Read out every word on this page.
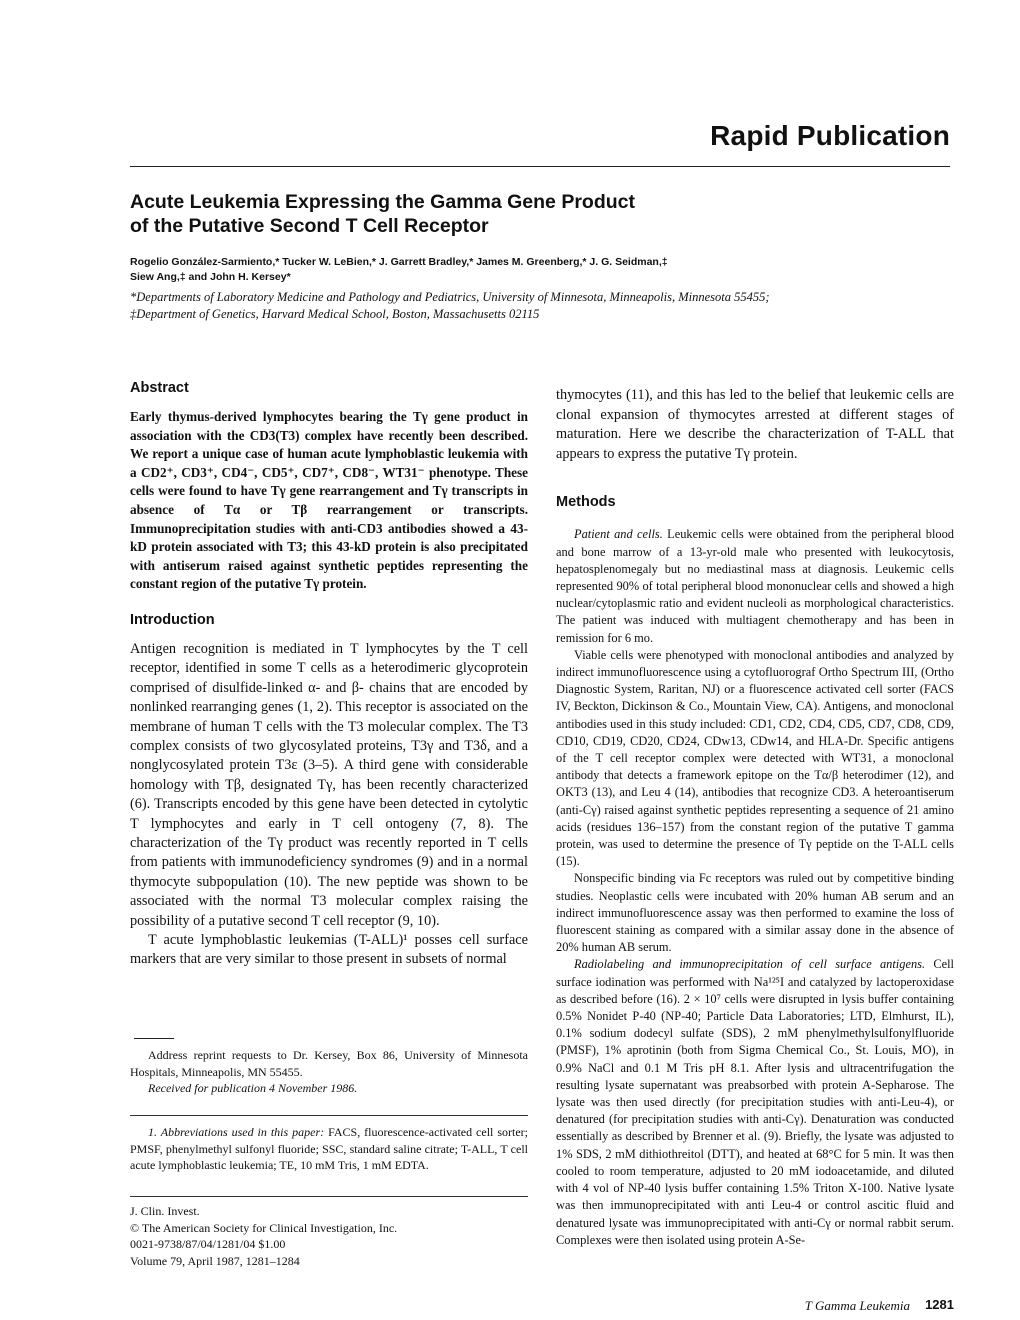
Rapid Publication
Acute Leukemia Expressing the Gamma Gene Product
of the Putative Second T Cell Receptor
Rogelio González-Sarmiento,* Tucker W. LeBien,* J. Garrett Bradley,* James M. Greenberg,* J. G. Seidman,‡
Siew Ang,‡ and John H. Kersey*
*Departments of Laboratory Medicine and Pathology and Pediatrics, University of Minnesota, Minneapolis, Minnesota 55455;
‡Department of Genetics, Harvard Medical School, Boston, Massachusetts 02115
Abstract

Early thymus-derived lymphocytes bearing the Tγ gene product in association with the CD3(T3) complex have recently been described. We report a unique case of human acute lymphoblastic leukemia with a CD2⁺, CD3⁺, CD4⁻, CD5⁺, CD7⁺, CD8⁻, WT31⁻ phenotype. These cells were found to have Tγ gene rearrangement and Tγ transcripts in absence of Tα or Tβ rearrangement or transcripts. Immunoprecipitation studies with anti-CD3 antibodies showed a 43-kD protein associated with T3; this 43-kD protein is also precipitated with antiserum raised against synthetic peptides representing the constant region of the putative Tγ protein.

Introduction

Antigen recognition is mediated in T lymphocytes by the T cell receptor, identified in some T cells as a heterodimeric glycoprotein comprised of disulfide-linked α- and β- chains that are encoded by nonlinked rearranging genes (1, 2). This receptor is associated on the membrane of human T cells with the T3 molecular complex. The T3 complex consists of two glycosylated proteins, T3γ and T3δ, and a nonglycosylated protein T3ε (3–5). A third gene with considerable homology with Tβ, designated Tγ, has been recently characterized (6). Transcripts encoded by this gene have been detected in cytolytic T lymphocytes and early in T cell ontogeny (7, 8). The characterization of the Tγ product was recently reported in T cells from patients with immunodeficiency syndromes (9) and in a normal thymocyte subpopulation (10). The new peptide was shown to be associated with the normal T3 molecular complex raising the possibility of a putative second T cell receptor (9, 10).

T acute lymphoblastic leukemias (T-ALL)¹ posses cell surface markers that are very similar to those present in subsets of normal

Address reprint requests to Dr. Kersey, Box 86, University of Minnesota Hospitals, Minneapolis, MN 55455.

Received for publication 4 November 1986.

1. Abbreviations used in this paper: FACS, fluorescence-activated cell sorter; PMSF, phenylmethyl sulfonyl fluoride; SSC, standard saline citrate; T-ALL, T cell acute lymphoblastic leukemia; TE, 10 mM Tris, 1 mM EDTA.

J. Clin. Invest.
© The American Society for Clinical Investigation, Inc.
0021-9738/87/04/1281/04 $1.00
Volume 79, April 1987, 1281–1284

thymocytes (11), and this has led to the belief that leukemic cells are clonal expansion of thymocytes arrested at different stages of maturation. Here we describe the characterization of T-ALL that appears to express the putative Tγ protein.

Methods

Patient and cells. Leukemic cells were obtained from the peripheral blood and bone marrow of a 13-yr-old male who presented with leukocytosis, hepatosplenomegaly but no mediastinal mass at diagnosis. Leukemic cells represented 90% of total peripheral blood mononuclear cells and showed a high nuclear/cytoplasmic ratio and evident nucleoli as morphological characteristics. The patient was induced with multiagent chemotherapy and has been in remission for 6 mo.

Viable cells were phenotyped with monoclonal antibodies and analyzed by indirect immunofluorescence using a cytofluorograf Ortho Spectrum III, (Ortho Diagnostic System, Raritan, NJ) or a fluorescence activated cell sorter (FACS IV, Beckton, Dickinson & Co., Mountain View, CA). Antigens, and monoclonal antibodies used in this study included: CD1, CD2, CD4, CD5, CD7, CD8, CD9, CD10, CD19, CD20, CD24, CDw13, CDw14, and HLA-Dr. Specific antigens of the T cell receptor complex were detected with WT31, a monoclonal antibody that detects a framework epitope on the Tα/β heterodimer (12), and OKT3 (13), and Leu 4 (14), antibodies that recognize CD3. A heteroantiserum (anti-Cγ) raised against synthetic peptides representing a sequence of 21 amino acids (residues 136–157) from the constant region of the putative T gamma protein, was used to determine the presence of Tγ peptide on the T-ALL cells (15).

Nonspecific binding via Fc receptors was ruled out by competitive binding studies. Neoplastic cells were incubated with 20% human AB serum and an indirect immunofluorescence assay was then performed to examine the loss of fluorescent staining as compared with a similar assay done in the absence of 20% human AB serum.

Radiolabeling and immunoprecipitation of cell surface antigens. Cell surface iodination was performed with Na¹²⁵I and catalyzed by lactoperoxidase as described before (16). 2 × 10⁷ cells were disrupted in lysis buffer containing 0.5% Nonidet P-40 (NP-40; Particle Data Laboratories; LTD, Elmhurst, IL), 0.1% sodium dodecyl sulfate (SDS), 2 mM phenylmethylsulfonylfluoride (PMSF), 1% aprotinin (both from Sigma Chemical Co., St. Louis, MO), in 0.9% NaCl and 0.1 M Tris pH 8.1. After lysis and ultracentrifugation the resulting lysate supernatant was preabsorbed with protein A-Sepharose. The lysate was then used directly (for precipitation studies with anti-Leu-4), or denatured (for precipitation studies with anti-Cγ). Denaturation was conducted essentially as described by Brenner et al. (9). Briefly, the lysate was adjusted to 1% SDS, 2 mM dithiothreitol (DTT), and heated at 68°C for 5 min. It was then cooled to room temperature, adjusted to 20 mM iodoacetamide, and diluted with 4 vol of NP-40 lysis buffer containing 1.5% Triton X-100. Native lysate was then immunoprecipitated with anti Leu-4 or control ascitic fluid and denatured lysate was immunoprecipitated with anti-Cγ or normal rabbit serum. Complexes were then isolated using protein A-Se-

T Gamma Leukemia 1281
